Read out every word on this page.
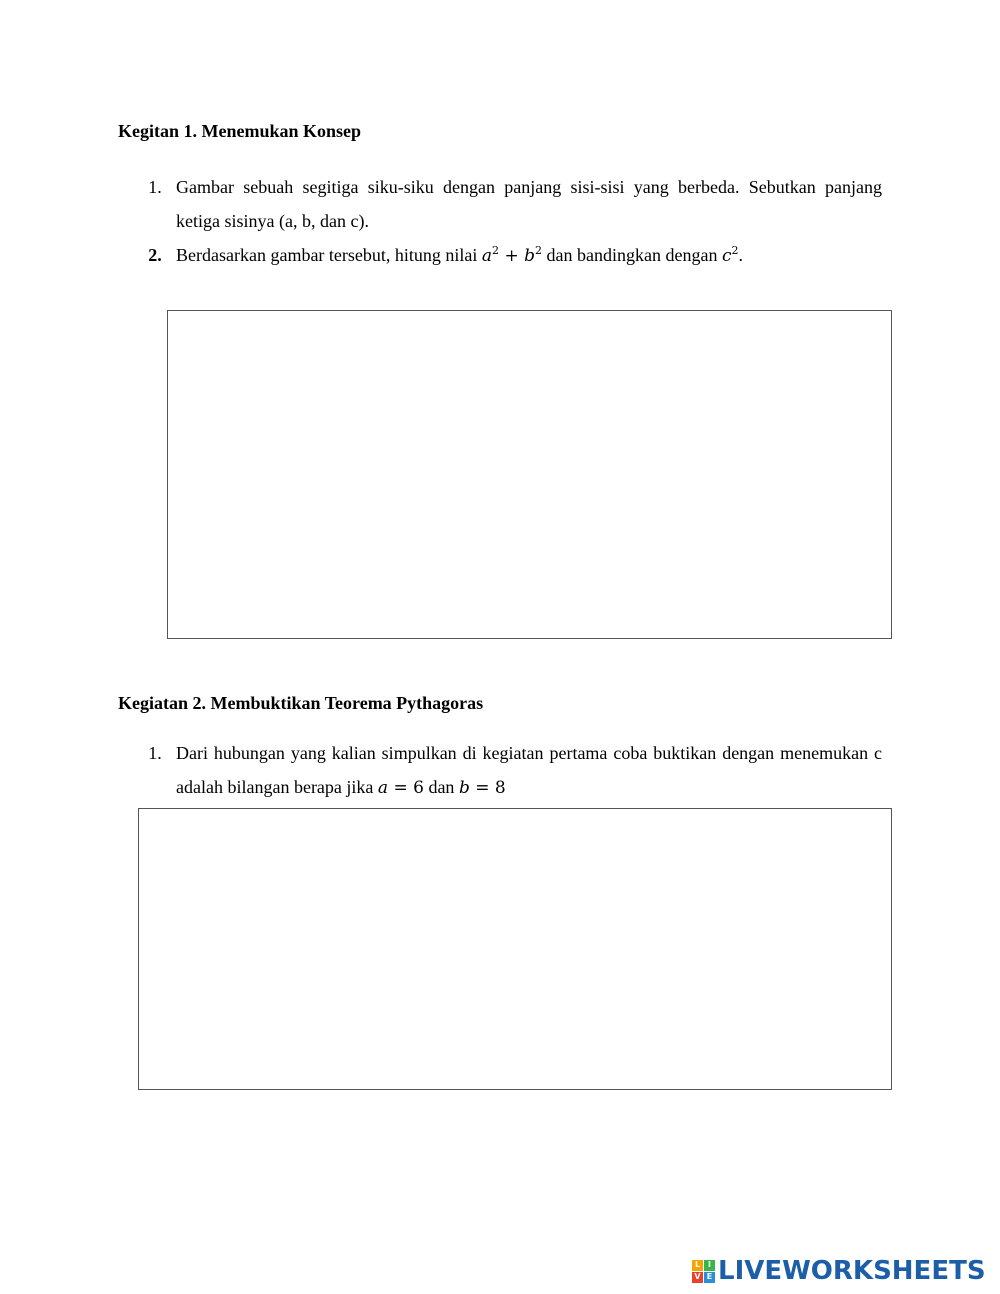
Kegitan 1. Menemukan Konsep
1. Gambar sebuah segitiga siku-siku dengan panjang sisi-sisi yang berbeda. Sebutkan panjang ketiga sisinya (a, b, dan c).
2. Berdasarkan gambar tersebut, hitung nilai $a^2 + b^2$ dan bandingkan dengan $c^2$.
Kegiatan 2. Membuktikan Teorema Pythagoras
1. Dari hubungan yang kalian simpulkan di kegiatan pertama coba buktikan dengan menemukan c adalah bilangan berapa jika a = 6 dan b = 8
L I
V E LIVEWORKSHEETS
